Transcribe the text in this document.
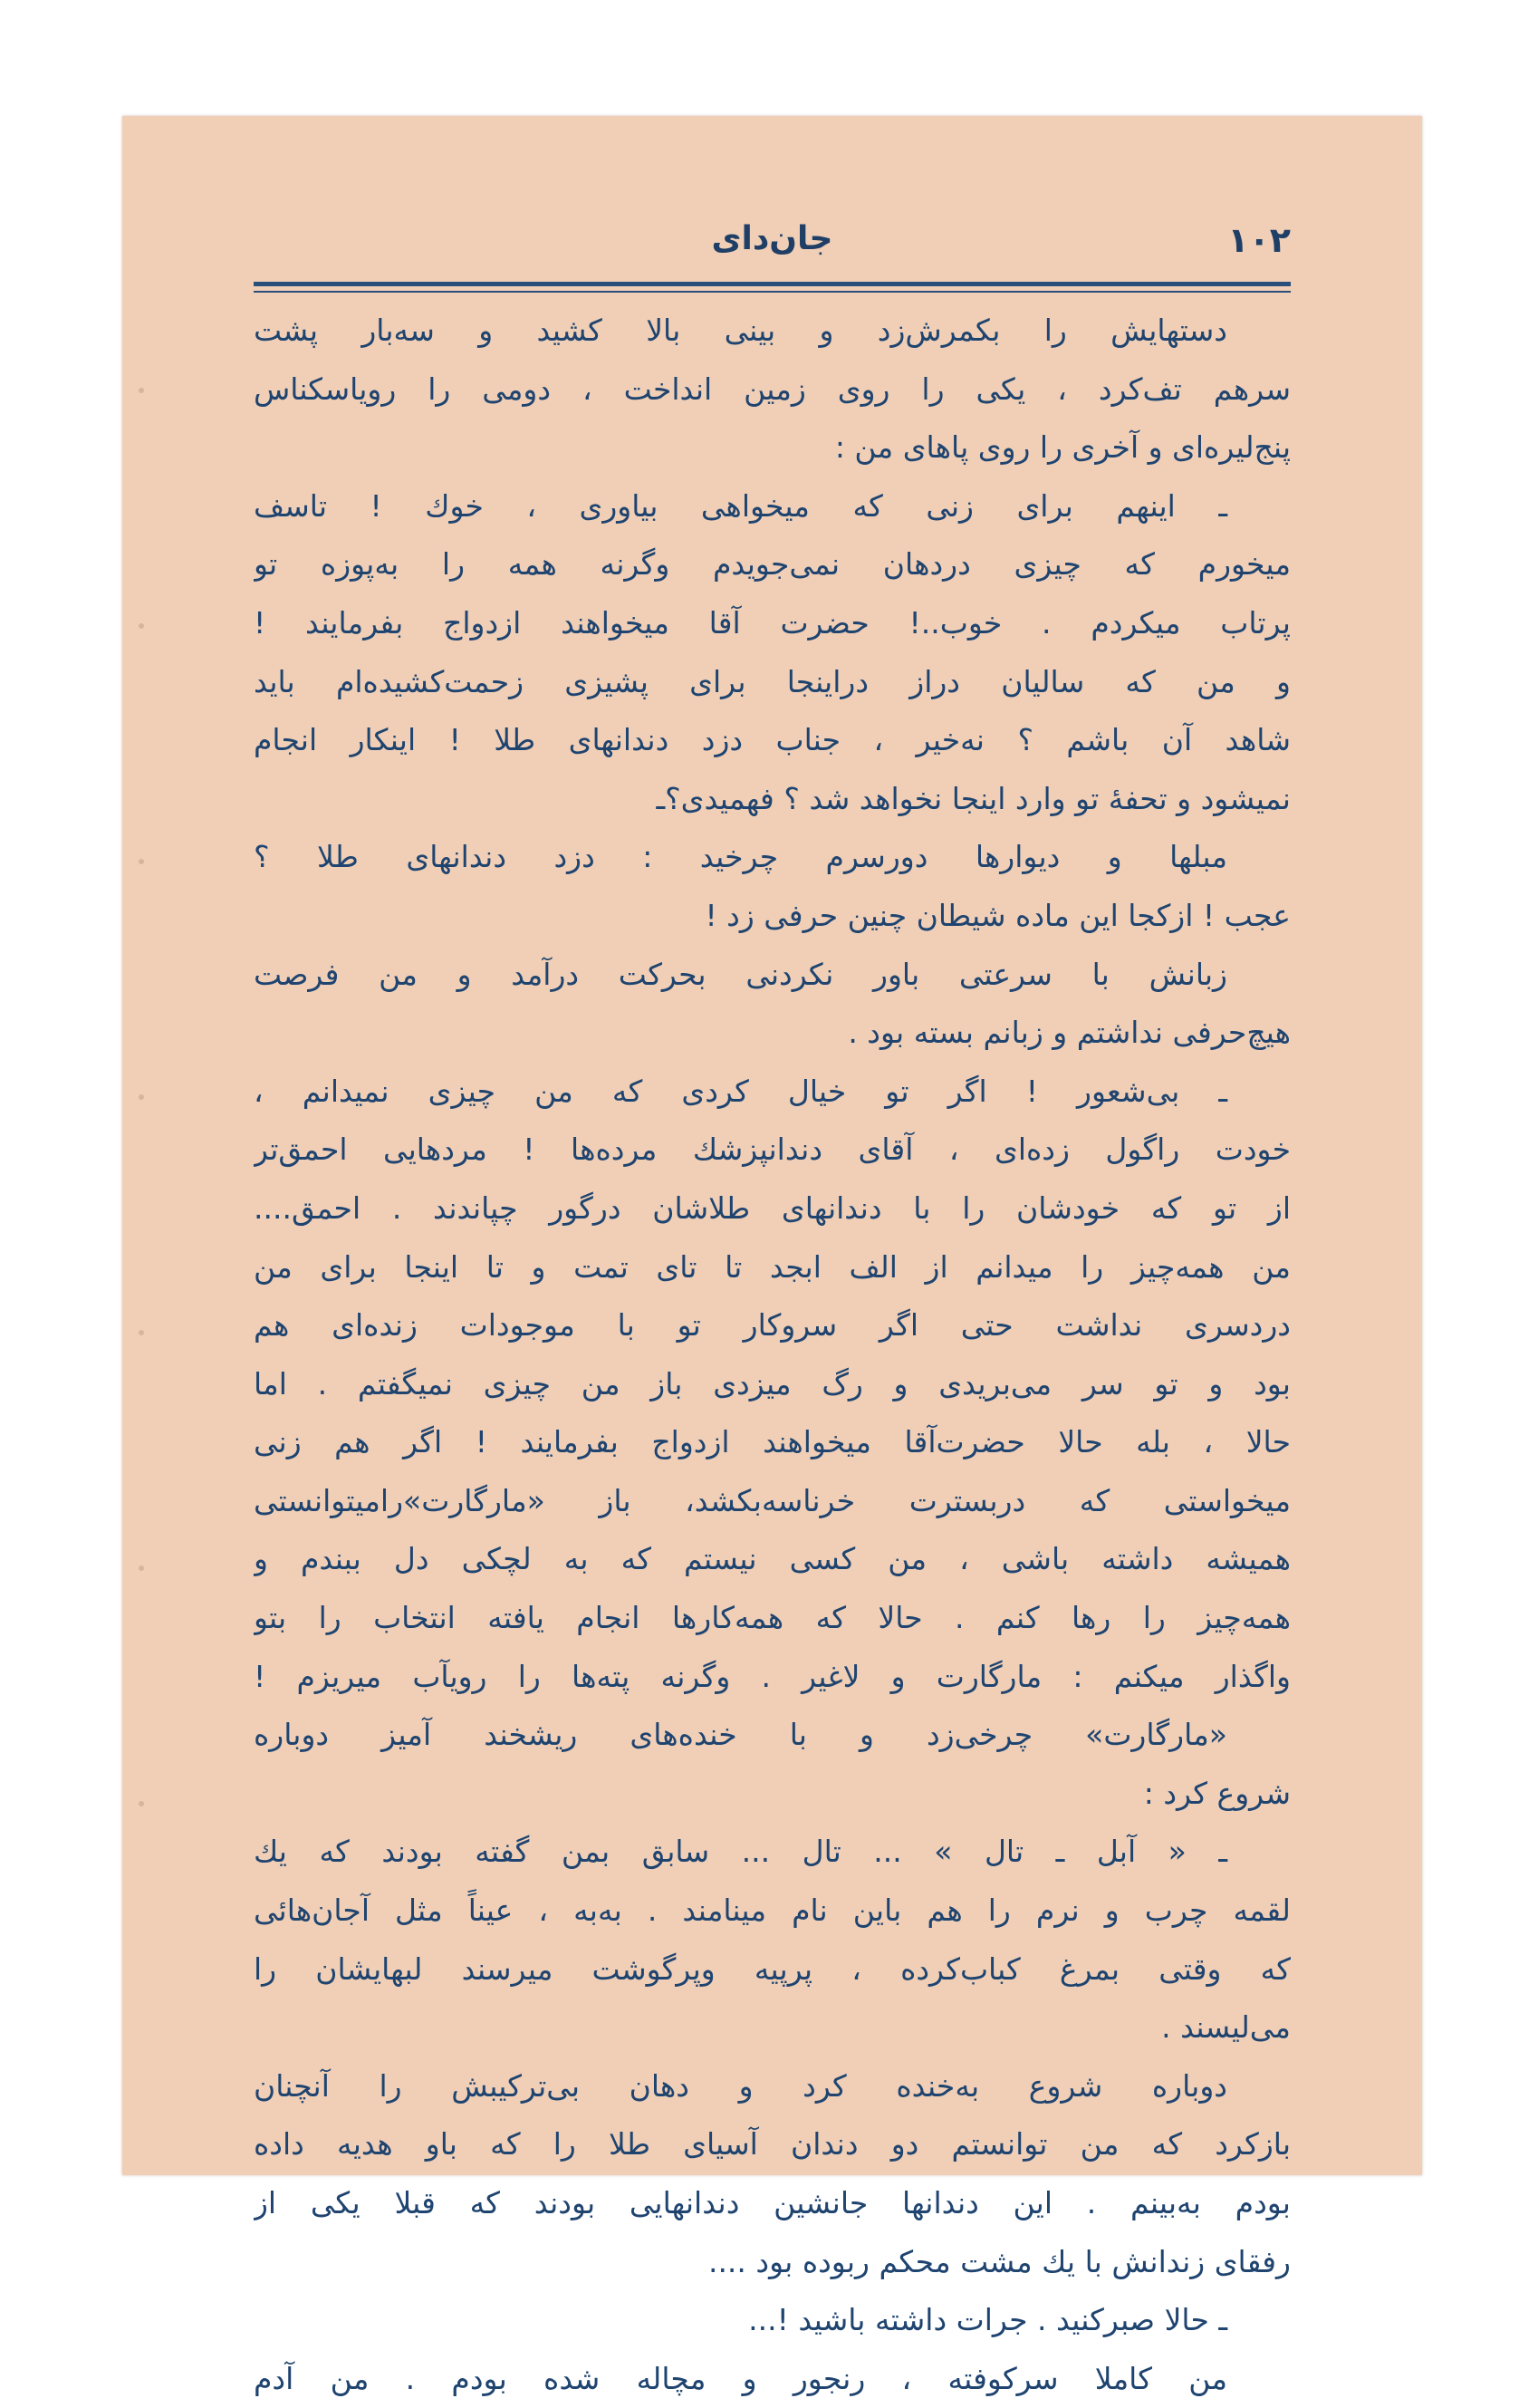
۱۰۲
جان‌دای
دستهایش را بکمرش‌زد و بینی بالا کشید و سه‌بار پشت
سرهم تف‌کرد ، یکی را روی زمین انداخت ، دومی را رویاسکناس
پنج‌لیره‌ای و آخری را روی پاهای من :
ـ اینهم برای زنی که میخواهی بیاوری ، خوك ! تاسف
میخورم که چیزی دردهان نمی‌جویدم وگرنه همه را به‌پوزه تو
پرتاب میکردم . خوب..! حضرت آقا میخواهند ازدواج بفرمایند !
و من که سالیان دراز دراینجا برای پشیزی زحمت‌کشیده‌ام باید
شاهد آن باشم ؟ نه‌خیر ، جناب دزد دندانهای طلا ! اینکار انجام
نمیشود و تحفهٔ تو وارد اینجا نخواهد شد ؟ فهمیدی؟ـ
مبلها و دیوارها دورسرم چرخید : دزد دندانهای طلا ؟
عجب ! ازکجا این ماده شیطان چنین حرفی زد !
زبانش با سرعتی باور نکردنی بحرکت درآمد و من فرصت
هیچ‌حرفی نداشتم و زبانم بسته بود .
ـ بی‌شعور ! اگر تو خیال کردی که من چیزی نمیدانم ،
خودت راگول زده‌ای ، آقای دندانپزشك مرده‌ها ! مردهایی احمق‌تر
از تو که خودشان را با دندانهای طلاشان درگور چپاندند . احمق....
من همه‌چیز را میدانم از الف ابجد تا تای تمت و تا اینجا برای من
دردسری نداشت حتی اگر سروکار تو با موجودات زنده‌ای هم
بود و تو سر می‌بریدی و رگ میزدی باز من چیزی نمیگفتم . اما
حالا ، بله حالا حضرت‌آقا میخواهند ازدواج بفرمایند ! اگر هم زنی
میخواستی که دربسترت خرناسه‌بکشد، باز «مارگارت»رامیتوانستی
همیشه داشته باشی ، من کسی نیستم که به لچکی دل ببندم و
همه‌چیز را رها کنم . حالا که همه‌کارها انجام یافته انتخاب را بتو
واگذار میکنم : مارگارت و لاغیر . وگرنه پته‌ها را رویآب میریزم !
«مارگارت» چرخی‌زد و با خنده‌های ریشخند آمیز دوباره
شروع کرد :
ـ « آبل ـ تال » ... تال ... سابق بمن گفته بودند که یك
لقمه چرب و نرم را هم باین نام مینامند . به‌به ، عیناً مثل آجان‌هائی
که وقتی بمرغ کباب‌کرده ، پرپیه وپرگوشت میرسند لبهایشان را
می‌لیسند .
دوباره شروع به‌خنده کرد و دهان بی‌ترکیبش را آنچنان
بازکرد که من توانستم دو دندان آسیای طلا را که باو هدیه داده
بودم به‌بینم . این دندانها جانشین دندانهایی بودند که قبلا یکی از
رفقای زندانش با یك مشت محکم ربوده بود ....
ـ حالا صبرکنید . جرات داشته باشید !...
من کاملا سرکوفته ، رنجور و مچاله شده بودم . من آدم
